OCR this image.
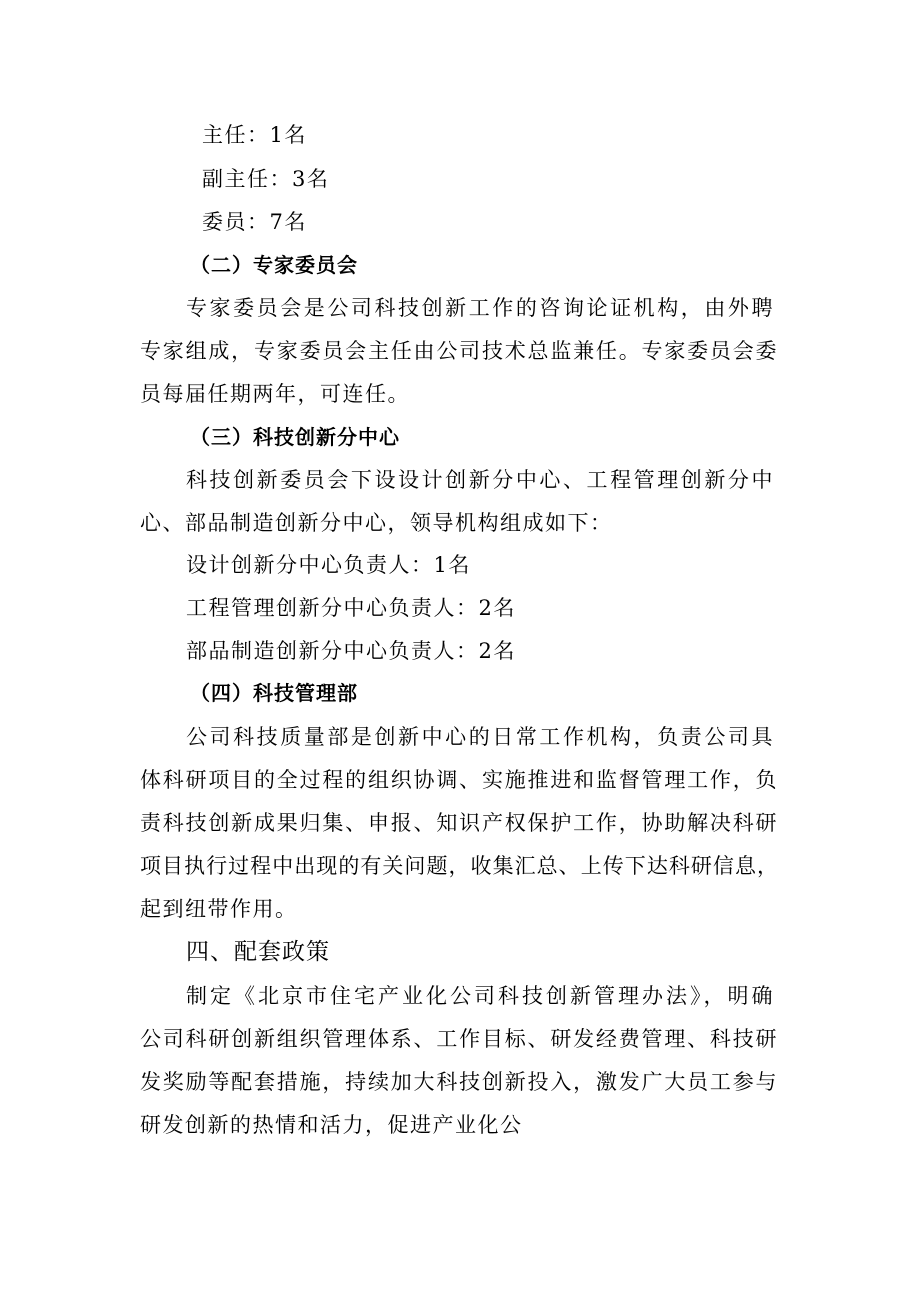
主任：1名
副主任：3名
委员：7名
（二）专家委员会
专家委员会是公司科技创新工作的咨询论证机构，由外聘
专家组成，专家委员会主任由公司技术总监兼任。专家委员会委
员每届任期两年，可连任。
（三）科技创新分中心
科技创新委员会下设设计创新分中心、工程管理创新分中
心、部品制造创新分中心，领导机构组成如下：
设计创新分中心负责人：1名
工程管理创新分中心负责人：2名
部品制造创新分中心负责人：2名
（四）科技管理部
公司科技质量部是创新中心的日常工作机构，负责公司具
体科研项目的全过程的组织协调、实施推进和监督管理工作，负
责科技创新成果归集、申报、知识产权保护工作，协助解决科研
项目执行过程中出现的有关问题，收集汇总、上传下达科研信息，
起到纽带作用。
四、配套政策
制定《北京市住宅产业化公司科技创新管理办法》，明确
公司科研创新组织管理体系、工作目标、研发经费管理、科技研
发奖励等配套措施，持续加大科技创新投入，激发广大员工参与
研发创新的热情和活力，促进产业化公
